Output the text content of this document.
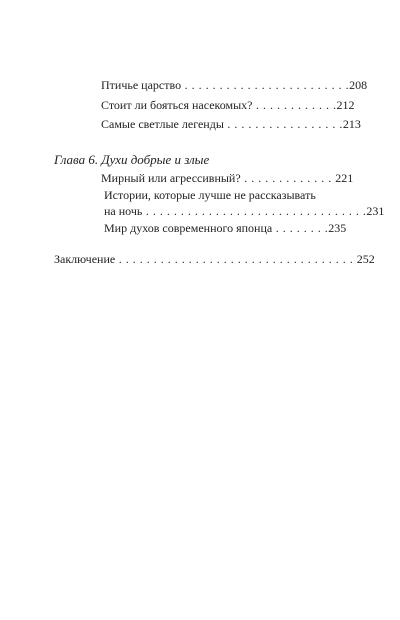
Птичье царство . . . . . . . . . . . . . . . . . . . . . . . .208
Стоит ли бояться насекомых? . . . . . . . . . . . .212
Самые светлые легенды . . . . . . . . . . . . . . . . .213
Глава 6. Духи добрые и злые
Мирный или агрессивный? . . . . . . . . . . . . . 221
Истории, которые лучше не рассказывать
на ночь . . . . . . . . . . . . . . . . . . . . . . . . . . . . . . . .231
Мир духов современного японца . . . . . . . .235
Заключение . . . . . . . . . . . . . . . . . . . . . . . . . . . . . . . . . . 252
